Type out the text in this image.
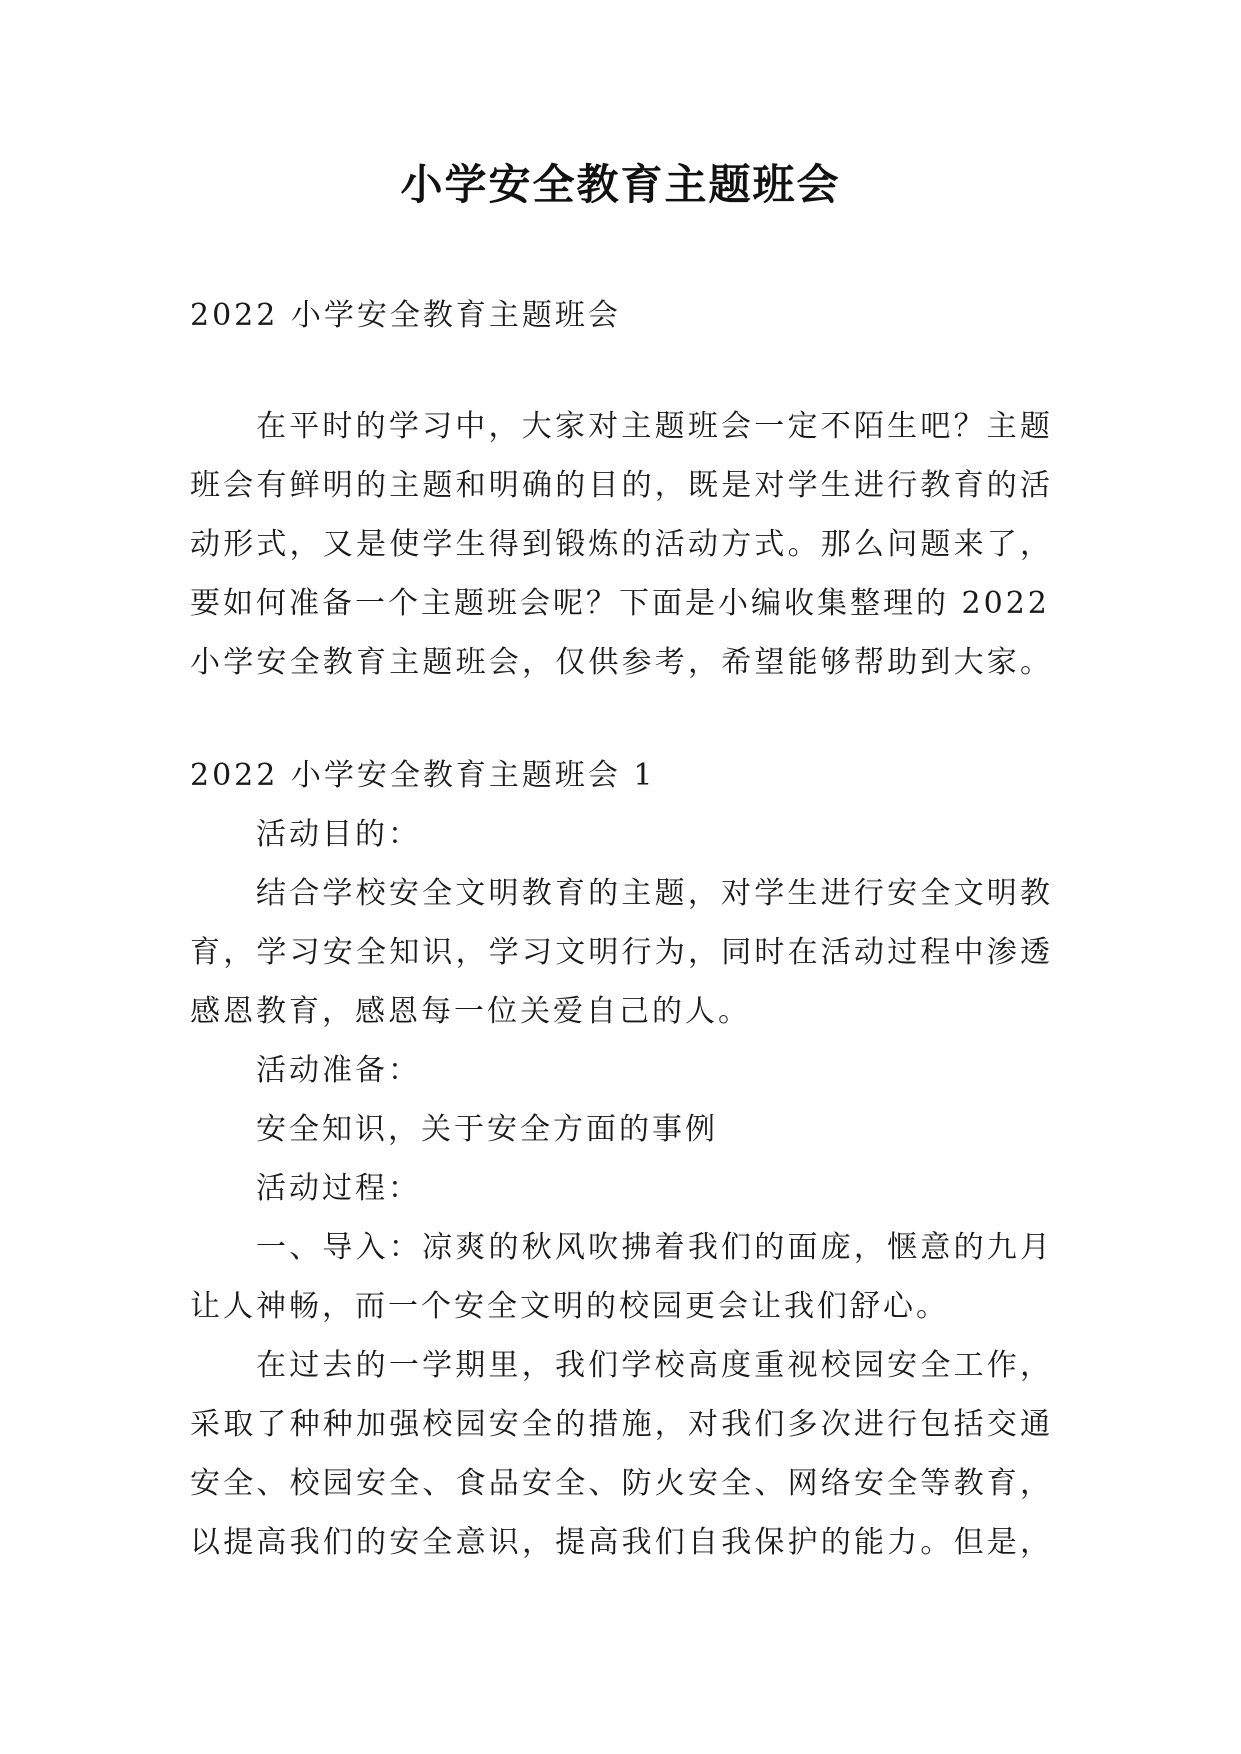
小学安全教育主题班会
2022 小学安全教育主题班会
在平时的学习中，大家对主题班会一定不陌生吧？主题
班会有鲜明的主题和明确的目的，既是对学生进行教育的活
动形式，又是使学生得到锻炼的活动方式。那么问题来了，
要如何准备一个主题班会呢？下面是小编收集整理的 2022
小学安全教育主题班会，仅供参考，希望能够帮助到大家。
2022 小学安全教育主题班会 1
活动目的：
结合学校安全文明教育的主题，对学生进行安全文明教
育，学习安全知识，学习文明行为，同时在活动过程中渗透
感恩教育，感恩每一位关爱自己的人。
活动准备：
安全知识，关于安全方面的事例
活动过程：
一、导入：凉爽的秋风吹拂着我们的面庞，惬意的九月
让人神畅，而一个安全文明的校园更会让我们舒心。
在过去的一学期里，我们学校高度重视校园安全工作，
采取了种种加强校园安全的措施，对我们多次进行包括交通
安全、校园安全、食品安全、防火安全、网络安全等教育，
以提高我们的安全意识，提高我们自我保护的能力。但是，
